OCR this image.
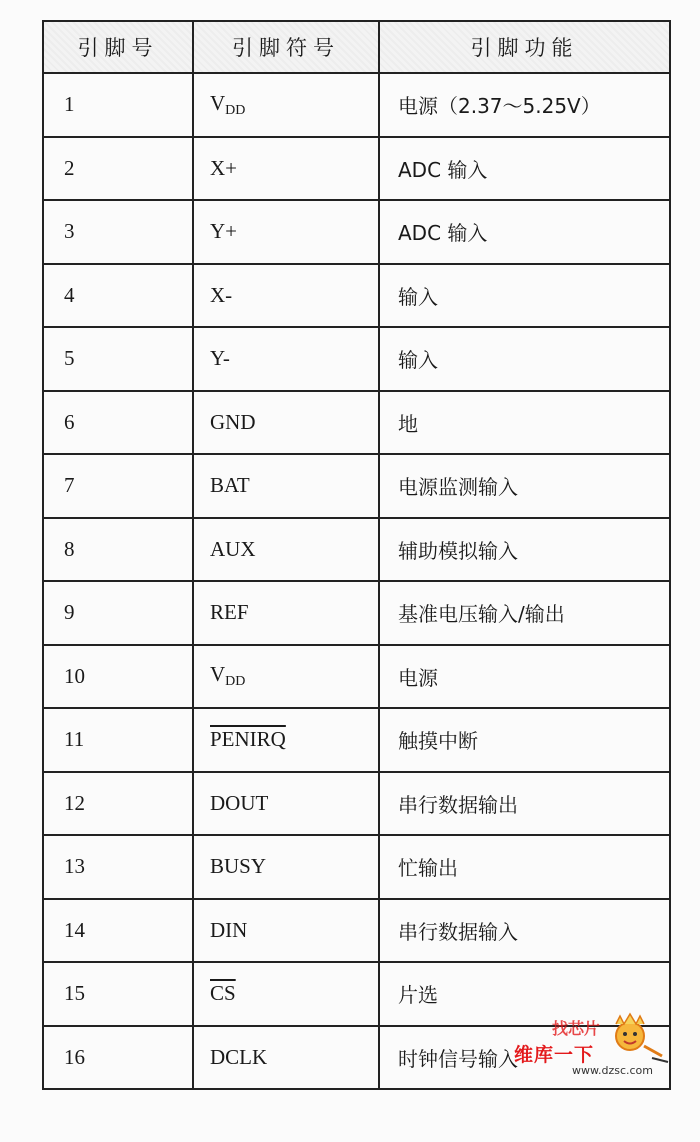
引脚号	引脚符号	引脚功能
1	$V_{DD}$	电源（2.37～5.25V）
2	X+	ADC 输入
3	Y+	ADC 输入
4	X-	输入
5	Y-	输入
6	GND	地
7	BAT	电源监测输入
8	AUX	辅助模拟输入
9	REF	基准电压输入/输出
10	$V_{DD}$	电源
11	PENIRQ	触摸中断
12	DOUT	串行数据输出
13	BUSY	忙输出
14	DIN	串行数据输入
15	$\overline{CS}$	片选
16	DCLK	时钟信号输入
找芯片
维库一下
www.dzsc.com
